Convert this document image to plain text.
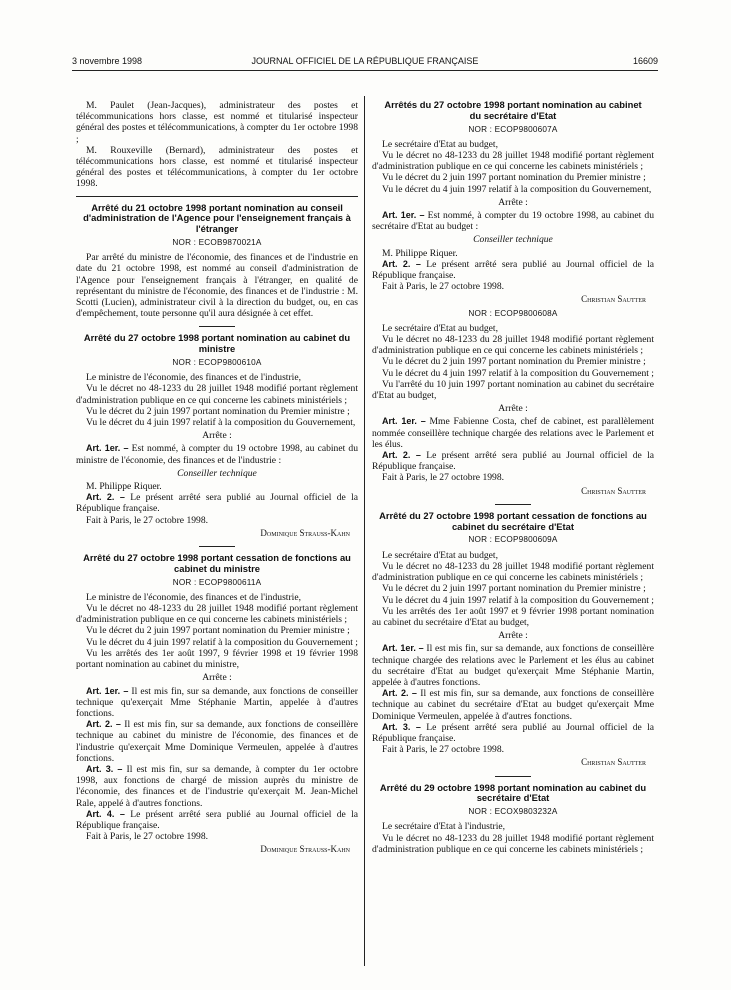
3 novembre 1998	JOURNAL OFFICIEL DE LA RÉPUBLIQUE FRANÇAISE	16609

M. Paulet (Jean-Jacques), administrateur des postes et télécommunications hors classe, est nommé et titularisé inspecteur général des postes et télécommunications, à compter du 1er octobre 1998 ;

M. Rouxeville (Bernard), administrateur des postes et télécommunications hors classe, est nommé et titularisé inspecteur général des postes et télécommunications, à compter du 1er octobre 1998.

Arrêté du 21 octobre 1998 portant nomination au conseil d'administration de l'Agence pour l'enseignement français à l'étranger
NOR : ECOB9870021A

Par arrêté du ministre de l'économie, des finances et de l'industrie en date du 21 octobre 1998, est nommé au conseil d'administration de l'Agence pour l'enseignement français à l'étranger, en qualité de représentant du ministre de l'économie, des finances et de l'industrie : M. Scotti (Lucien), administrateur civil à la direction du budget, ou, en cas d'empêchement, toute personne qu'il aura désignée à cet effet.

Arrêté du 27 octobre 1998 portant nomination au cabinet du ministre
NOR : ECOP9800610A

Le ministre de l'économie, des finances et de l'industrie,

Vu le décret no 48-1233 du 28 juillet 1948 modifié portant règlement d'administration publique en ce qui concerne les cabinets ministériels ;

Vu le décret du 2 juin 1997 portant nomination du Premier ministre ;

Vu le décret du 4 juin 1997 relatif à la composition du Gouvernement,

Arrête :

Art. 1er. – Est nommé, à compter du 19 octobre 1998, au cabinet du ministre de l'économie, des finances et de l'industrie :

Conseiller technique

M. Philippe Riquer.

Art. 2. – Le présent arrêté sera publié au Journal officiel de la République française.

Fait à Paris, le 27 octobre 1998.

Dominique Strauss-Kahn

Arrêté du 27 octobre 1998 portant cessation de fonctions au cabinet du ministre
NOR : ECOP9800611A

Le ministre de l'économie, des finances et de l'industrie,

Vu le décret no 48-1233 du 28 juillet 1948 modifié portant règlement d'administration publique en ce qui concerne les cabinets ministériels ;

Vu le décret du 2 juin 1997 portant nomination du Premier ministre ;

Vu le décret du 4 juin 1997 relatif à la composition du Gouvernement ;

Vu les arrêtés des 1er août 1997, 9 février 1998 et 19 février 1998 portant nomination au cabinet du ministre,

Arrête :

Art. 1er. – Il est mis fin, sur sa demande, aux fonctions de conseiller technique qu'exerçait Mme Stéphanie Martin, appelée à d'autres fonctions.

Art. 2. – Il est mis fin, sur sa demande, aux fonctions de conseillère technique au cabinet du ministre de l'économie, des finances et de l'industrie qu'exerçait Mme Dominique Vermeulen, appelée à d'autres fonctions.

Art. 3. – Il est mis fin, sur sa demande, à compter du 1er octobre 1998, aux fonctions de chargé de mission auprès du ministre de l'économie, des finances et de l'industrie qu'exerçait M. Jean-Michel Rale, appelé à d'autres fonctions.

Art. 4. – Le présent arrêté sera publié au Journal officiel de la République française.

Fait à Paris, le 27 octobre 1998.

Dominique Strauss-Kahn

Arrêtés du 27 octobre 1998 portant nomination au cabinet du secrétaire d'Etat
NOR : ECOP9800607A

Le secrétaire d'Etat au budget,

Vu le décret no 48-1233 du 28 juillet 1948 modifié portant règlement d'administration publique en ce qui concerne les cabinets ministériels ;

Vu le décret du 2 juin 1997 portant nomination du Premier ministre ;

Vu le décret du 4 juin 1997 relatif à la composition du Gouvernement,

Arrête :

Art. 1er. – Est nommé, à compter du 19 octobre 1998, au cabinet du secrétaire d'Etat au budget :

Conseiller technique

M. Philippe Riquer.

Art. 2. – Le présent arrêté sera publié au Journal officiel de la République française.

Fait à Paris, le 27 octobre 1998.

Christian Sautter

NOR : ECOP9800608A

Le secrétaire d'Etat au budget,

Vu le décret no 48-1233 du 28 juillet 1948 modifié portant règlement d'administration publique en ce qui concerne les cabinets ministériels ;

Vu le décret du 2 juin 1997 portant nomination du Premier ministre ;

Vu le décret du 4 juin 1997 relatif à la composition du Gouvernement ;

Vu l'arrêté du 10 juin 1997 portant nomination au cabinet du secrétaire d'Etat au budget,

Arrête :

Art. 1er. – Mme Fabienne Costa, chef de cabinet, est parallèlement nommée conseillère technique chargée des relations avec le Parlement et les élus.

Art. 2. – Le présent arrêté sera publié au Journal officiel de la République française.

Fait à Paris, le 27 octobre 1998.

Christian Sautter

Arrêté du 27 octobre 1998 portant cessation de fonctions au cabinet du secrétaire d'Etat
NOR : ECOP9800609A

Le secrétaire d'Etat au budget,

Vu le décret no 48-1233 du 28 juillet 1948 modifié portant règlement d'administration publique en ce qui concerne les cabinets ministériels ;

Vu le décret du 2 juin 1997 portant nomination du Premier ministre ;

Vu le décret du 4 juin 1997 relatif à la composition du Gouvernement ;

Vu les arrêtés des 1er août 1997 et 9 février 1998 portant nomination au cabinet du secrétaire d'Etat au budget,

Arrête :

Art. 1er. – Il est mis fin, sur sa demande, aux fonctions de conseillère technique chargée des relations avec le Parlement et les élus au cabinet du secrétaire d'Etat au budget qu'exerçait Mme Stéphanie Martin, appelée à d'autres fonctions.

Art. 2. – Il est mis fin, sur sa demande, aux fonctions de conseillère technique au cabinet du secrétaire d'Etat au budget qu'exerçait Mme Dominique Vermeulen, appelée à d'autres fonctions.

Art. 3. – Le présent arrêté sera publié au Journal officiel de la République française.

Fait à Paris, le 27 octobre 1998.

Christian Sautter

Arrêté du 29 octobre 1998 portant nomination au cabinet du secrétaire d'Etat
NOR : ECOX9803232A

Le secrétaire d'Etat à l'industrie,

Vu le décret no 48-1233 du 28 juillet 1948 modifié portant règlement d'administration publique en ce qui concerne les cabinets ministériels ;
